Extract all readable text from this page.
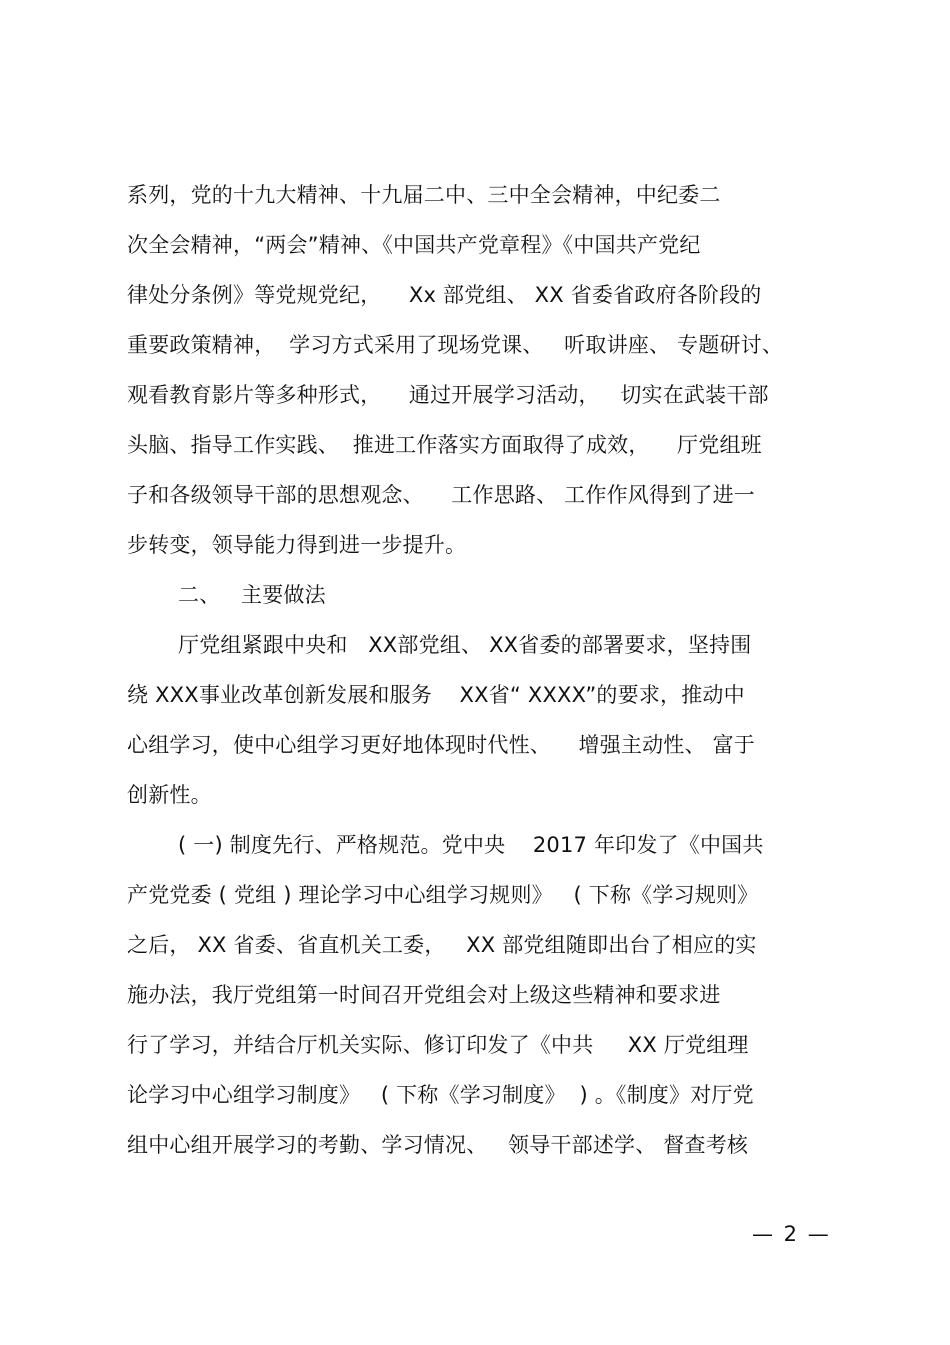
系列，党的十九大精神、十九届二中、三中全会精神，中纪委二
次全会精神，“两会”精神、《中国共产党章程》《中国共产党纪
律处分条例》等党规党纪，    Xx 部党组、 XX 省委省政府各阶段的
重要政策精神，  学习方式采用了现场党课、   听取讲座、 专题研讨、
观看教育影片等多种形式，    通过开展学习活动，   切实在武装干部
头脑、指导工作实践、  推进工作落实方面取得了成效，    厅党组班
子和各级领导干部的思想观念、    工作思路、 工作作风得到了进一
步转变，领导能力得到进一步提升。
二、   主要做法
厅党组紧跟中央和   XX部党组、 XX省委的部署要求，坚持围
绕 XXX事业改革创新发展和服务    XX省“ XXXX”的要求，推动中
心组学习，使中心组学习更好地体现时代性、    增强主动性、 富于
创新性。
( 一) 制度先行、严格规范。党中央    2017 年印发了《中国共
产党党委 ( 党组 ) 理论学习中心组学习规则》   ( 下称《学习规则》
之后， XX 省委、省直机关工委，   XX 部党组随即出台了相应的实
施办法，我厅党组第一时间召开党组会对上级这些精神和要求进
行了学习，并结合厅机关实际、修订印发了《中共     XX 厅党组理
论学习中心组学习制度》   ( 下称《学习制度》  ) 。《制度》对厅党
组中心组开展学习的考勤、学习情况、   领导干部述学、 督查考核
— 2 —
